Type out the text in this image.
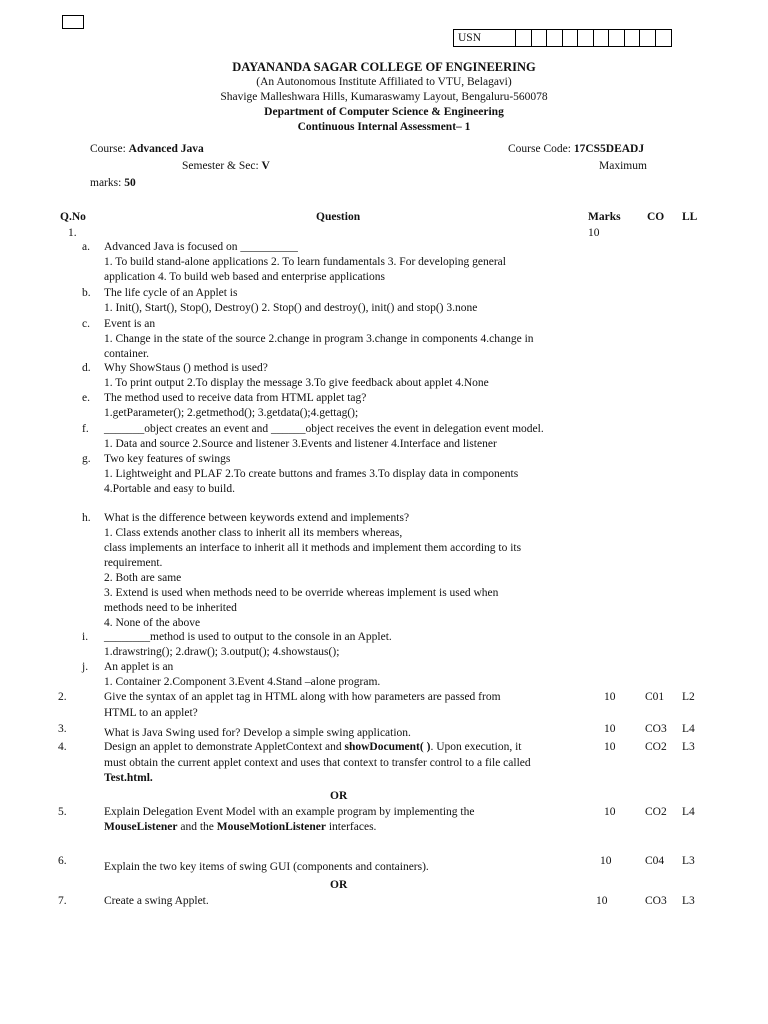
USN
DAYANANDA SAGAR COLLEGE OF ENGINEERING
(An Autonomous Institute Affiliated to VTU, Belagavi)
Shavige Malleshwara Hills, Kumaraswamy Layout, Bengaluru-560078
Department of Computer Science & Engineering
Continuous Internal Assessment– 1
Course: Advanced Java	Course Code: 17CS5DEADJ
Semester & Sec: V	Maximum
marks: 50
Q.No	Question	Marks CO LL
1.	10
a. Advanced Java is focused on __________
1. To build stand-alone applications 2. To learn fundamentals 3. For developing general
application 4. To build web based and enterprise applications
b. The life cycle of an Applet is
1. Init(), Start(), Stop(), Destroy() 2. Stop() and destroy(), init() and stop() 3.none
c. Event is an
1. Change in the state of the source 2.change in program 3.change in components 4.change in
container.
d. Why ShowStaus () method is used?
1. To print output 2.To display the message 3.To give feedback about applet 4.None
e. The method used to receive data from HTML applet tag?
1.getParameter(); 2.getmethod(); 3.getdata();4.gettag();
f. _______object creates an event and ______object receives the event in delegation event model.
1. Data and source 2.Source and listener 3.Events and listener 4.Interface and listener
g. Two key features of swings
1. Lightweight and PLAF 2.To create buttons and frames 3.To display data in components
4.Portable and easy to build.
h. What is the difference between keywords extend and implements?
1. Class extends another class to inherit all its members whereas,
class implements an interface to inherit all it methods and implement them according to its
requirement.
2. Both are same
3. Extend is used when methods need to be override whereas implement is used when
methods need to be inherited
4. None of the above
i. ________method is used to output to the console in an Applet.
1.drawstring(); 2.draw(); 3.output(); 4.showstaus();
j. An applet is an
1. Container 2.Component 3.Event 4.Stand –alone program.
2.	Give the syntax of an applet tag in HTML along with how parameters are passed from
HTML to an applet?
10	C01 L2
3.	What is Java Swing used for? Develop a simple swing application.	10	CO3 L4
4.	Design an applet to demonstrate AppletContext and showDocument( ). Upon execution, it
must obtain the current applet context and uses that context to transfer control to a file called
Test.html.
10	CO2 L3
OR
5.	Explain Delegation Event Model with an example program by implementing the
MouseListener and the MouseMotionListener interfaces.
10	CO2 L4
6.	Explain the two key items of swing GUI (components and containers).	10	C04 L3
OR
7.	Create a swing Applet.	10	CO3 L3
